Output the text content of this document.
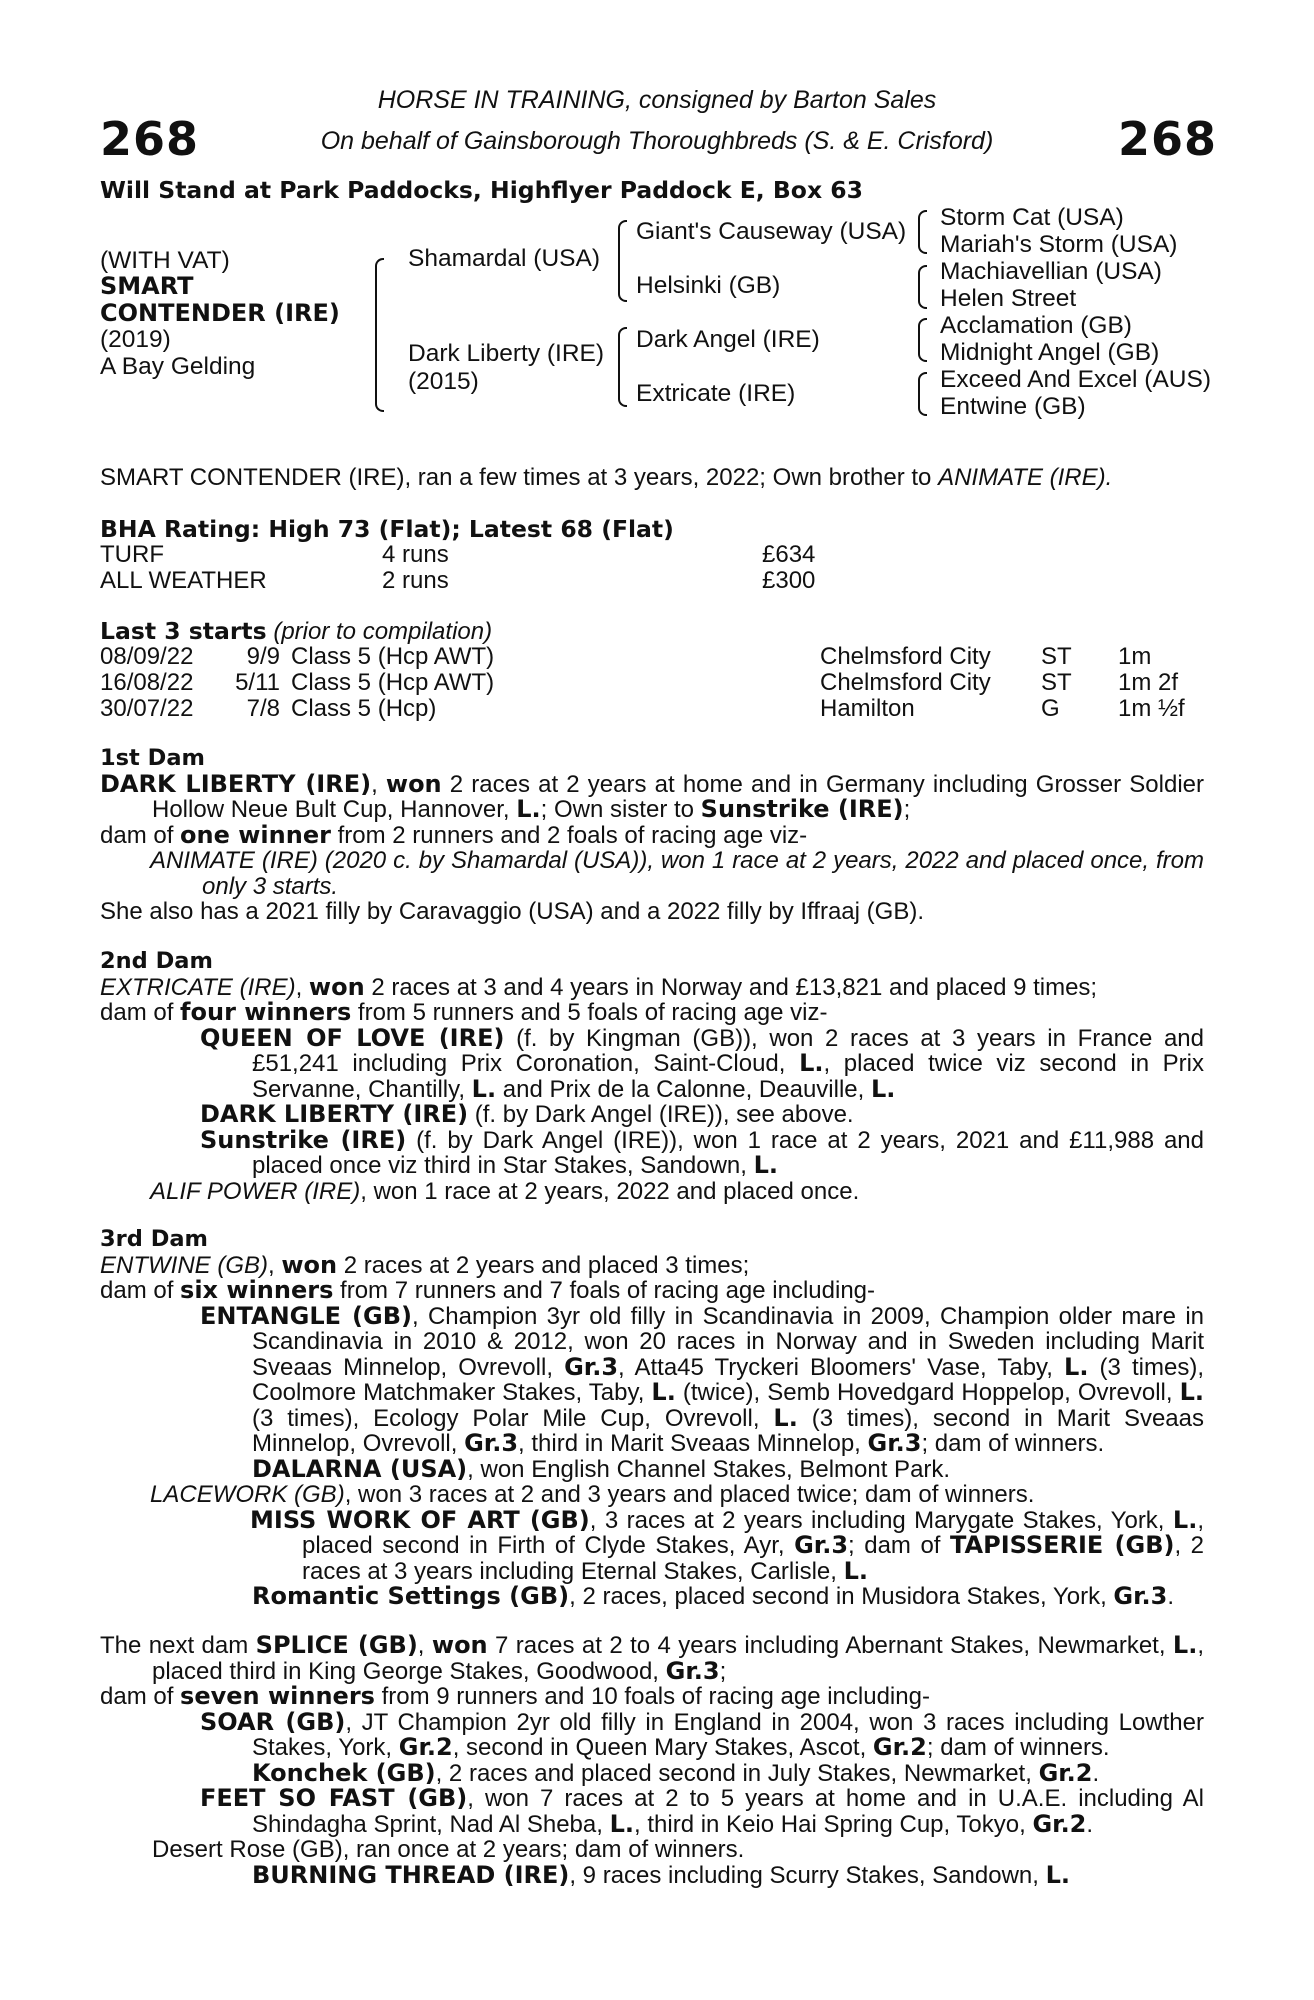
268	268
HORSE IN TRAINING, consigned by Barton Sales
On behalf of Gainsborough Thoroughbreds (S. & E. Crisford)
Will Stand at Park Paddocks, Highflyer Paddock E, Box 63
(WITH VAT)
SMART
CONTENDER (IRE)
(2019)
A Bay Gelding
Shamardal (USA)
Dark Liberty (IRE)
(2015)
Giant's Causeway (USA)
Helsinki (GB)
Dark Angel (IRE)
Extricate (IRE)
Storm Cat (USA)
Mariah's Storm (USA)
Machiavellian (USA)
Helen Street
Acclamation (GB)
Midnight Angel (GB)
Exceed And Excel (AUS)
Entwine (GB)
SMART CONTENDER (IRE), ran a few times at 3 years, 2022; Own brother to ANIMATE (IRE).
BHA Rating: High 73 (Flat); Latest 68 (Flat)
TURF	4 runs	£634
ALL WEATHER	2 runs	£300
Last 3 starts (prior to compilation)
08/09/22	9/9 Class 5 (Hcp AWT)	Chelmsford City ST 1m
16/08/22 5/11 Class 5 (Hcp AWT)	Chelmsford City ST 1m 2f
30/07/22	7/8 Class 5 (Hcp)	Hamilton	G 1m ½f

1st Dam

DARK LIBERTY (IRE), won 2 races at 2 years at home and in Germany including Grosser Soldier Hollow Neue Bult Cup, Hannover, L.; Own sister to Sunstrike (IRE);

dam of one winner from 2 runners and 2 foals of racing age viz-

ANIMATE (IRE) (2020 c. by Shamardal (USA)), won 1 race at 2 years, 2022 and placed once, from only 3 starts.

She also has a 2021 filly by Caravaggio (USA) and a 2022 filly by Iffraaj (GB).

2nd Dam

EXTRICATE (IRE), won 2 races at 3 and 4 years in Norway and £13,821 and placed 9 times;

dam of four winners from 5 runners and 5 foals of racing age viz-

QUEEN OF LOVE (IRE) (f. by Kingman (GB)), won 2 races at 3 years in France and £51,241 including Prix Coronation, Saint-Cloud, L., placed twice viz second in Prix Servanne, Chantilly, L. and Prix de la Calonne, Deauville, L.

DARK LIBERTY (IRE) (f. by Dark Angel (IRE)), see above.

Sunstrike (IRE) (f. by Dark Angel (IRE)), won 1 race at 2 years, 2021 and £11,988 and placed once viz third in Star Stakes, Sandown, L.

ALIF POWER (IRE), won 1 race at 2 years, 2022 and placed once.

3rd Dam

ENTWINE (GB), won 2 races at 2 years and placed 3 times;

dam of six winners from 7 runners and 7 foals of racing age including-

ENTANGLE (GB), Champion 3yr old filly in Scandinavia in 2009, Champion older mare in Scandinavia in 2010 & 2012, won 20 races in Norway and in Sweden including Marit Sveaas Minnelop, Ovrevoll, Gr.3, Atta45 Tryckeri Bloomers' Vase, Taby, L. (3 times), Coolmore Matchmaker Stakes, Taby, L. (twice), Semb Hovedgard Hoppelop, Ovrevoll, L. (3 times), Ecology Polar Mile Cup, Ovrevoll, L. (3 times), second in Marit Sveaas Minnelop, Ovrevoll, Gr.3, third in Marit Sveaas Minnelop, Gr.3; dam of winners.

DALARNA (USA), won English Channel Stakes, Belmont Park.

LACEWORK (GB), won 3 races at 2 and 3 years and placed twice; dam of winners.

MISS WORK OF ART (GB), 3 races at 2 years including Marygate Stakes, York, L., placed second in Firth of Clyde Stakes, Ayr, Gr.3; dam of TAPISSERIE (GB), 2 races at 3 years including Eternal Stakes, Carlisle, L.

Romantic Settings (GB), 2 races, placed second in Musidora Stakes, York, Gr.3.

The next dam SPLICE (GB), won 7 races at 2 to 4 years including Abernant Stakes, Newmarket, L., placed third in King George Stakes, Goodwood, Gr.3;

dam of seven winners from 9 runners and 10 foals of racing age including-

SOAR (GB), JT Champion 2yr old filly in England in 2004, won 3 races including Lowther Stakes, York, Gr.2, second in Queen Mary Stakes, Ascot, Gr.2; dam of winners.

Konchek (GB), 2 races and placed second in July Stakes, Newmarket, Gr.2.

FEET SO FAST (GB), won 7 races at 2 to 5 years at home and in U.A.E. including Al Shindagha Sprint, Nad Al Sheba, L., third in Keio Hai Spring Cup, Tokyo, Gr.2.

Desert Rose (GB), ran once at 2 years; dam of winners.

BURNING THREAD (IRE), 9 races including Scurry Stakes, Sandown, L.
